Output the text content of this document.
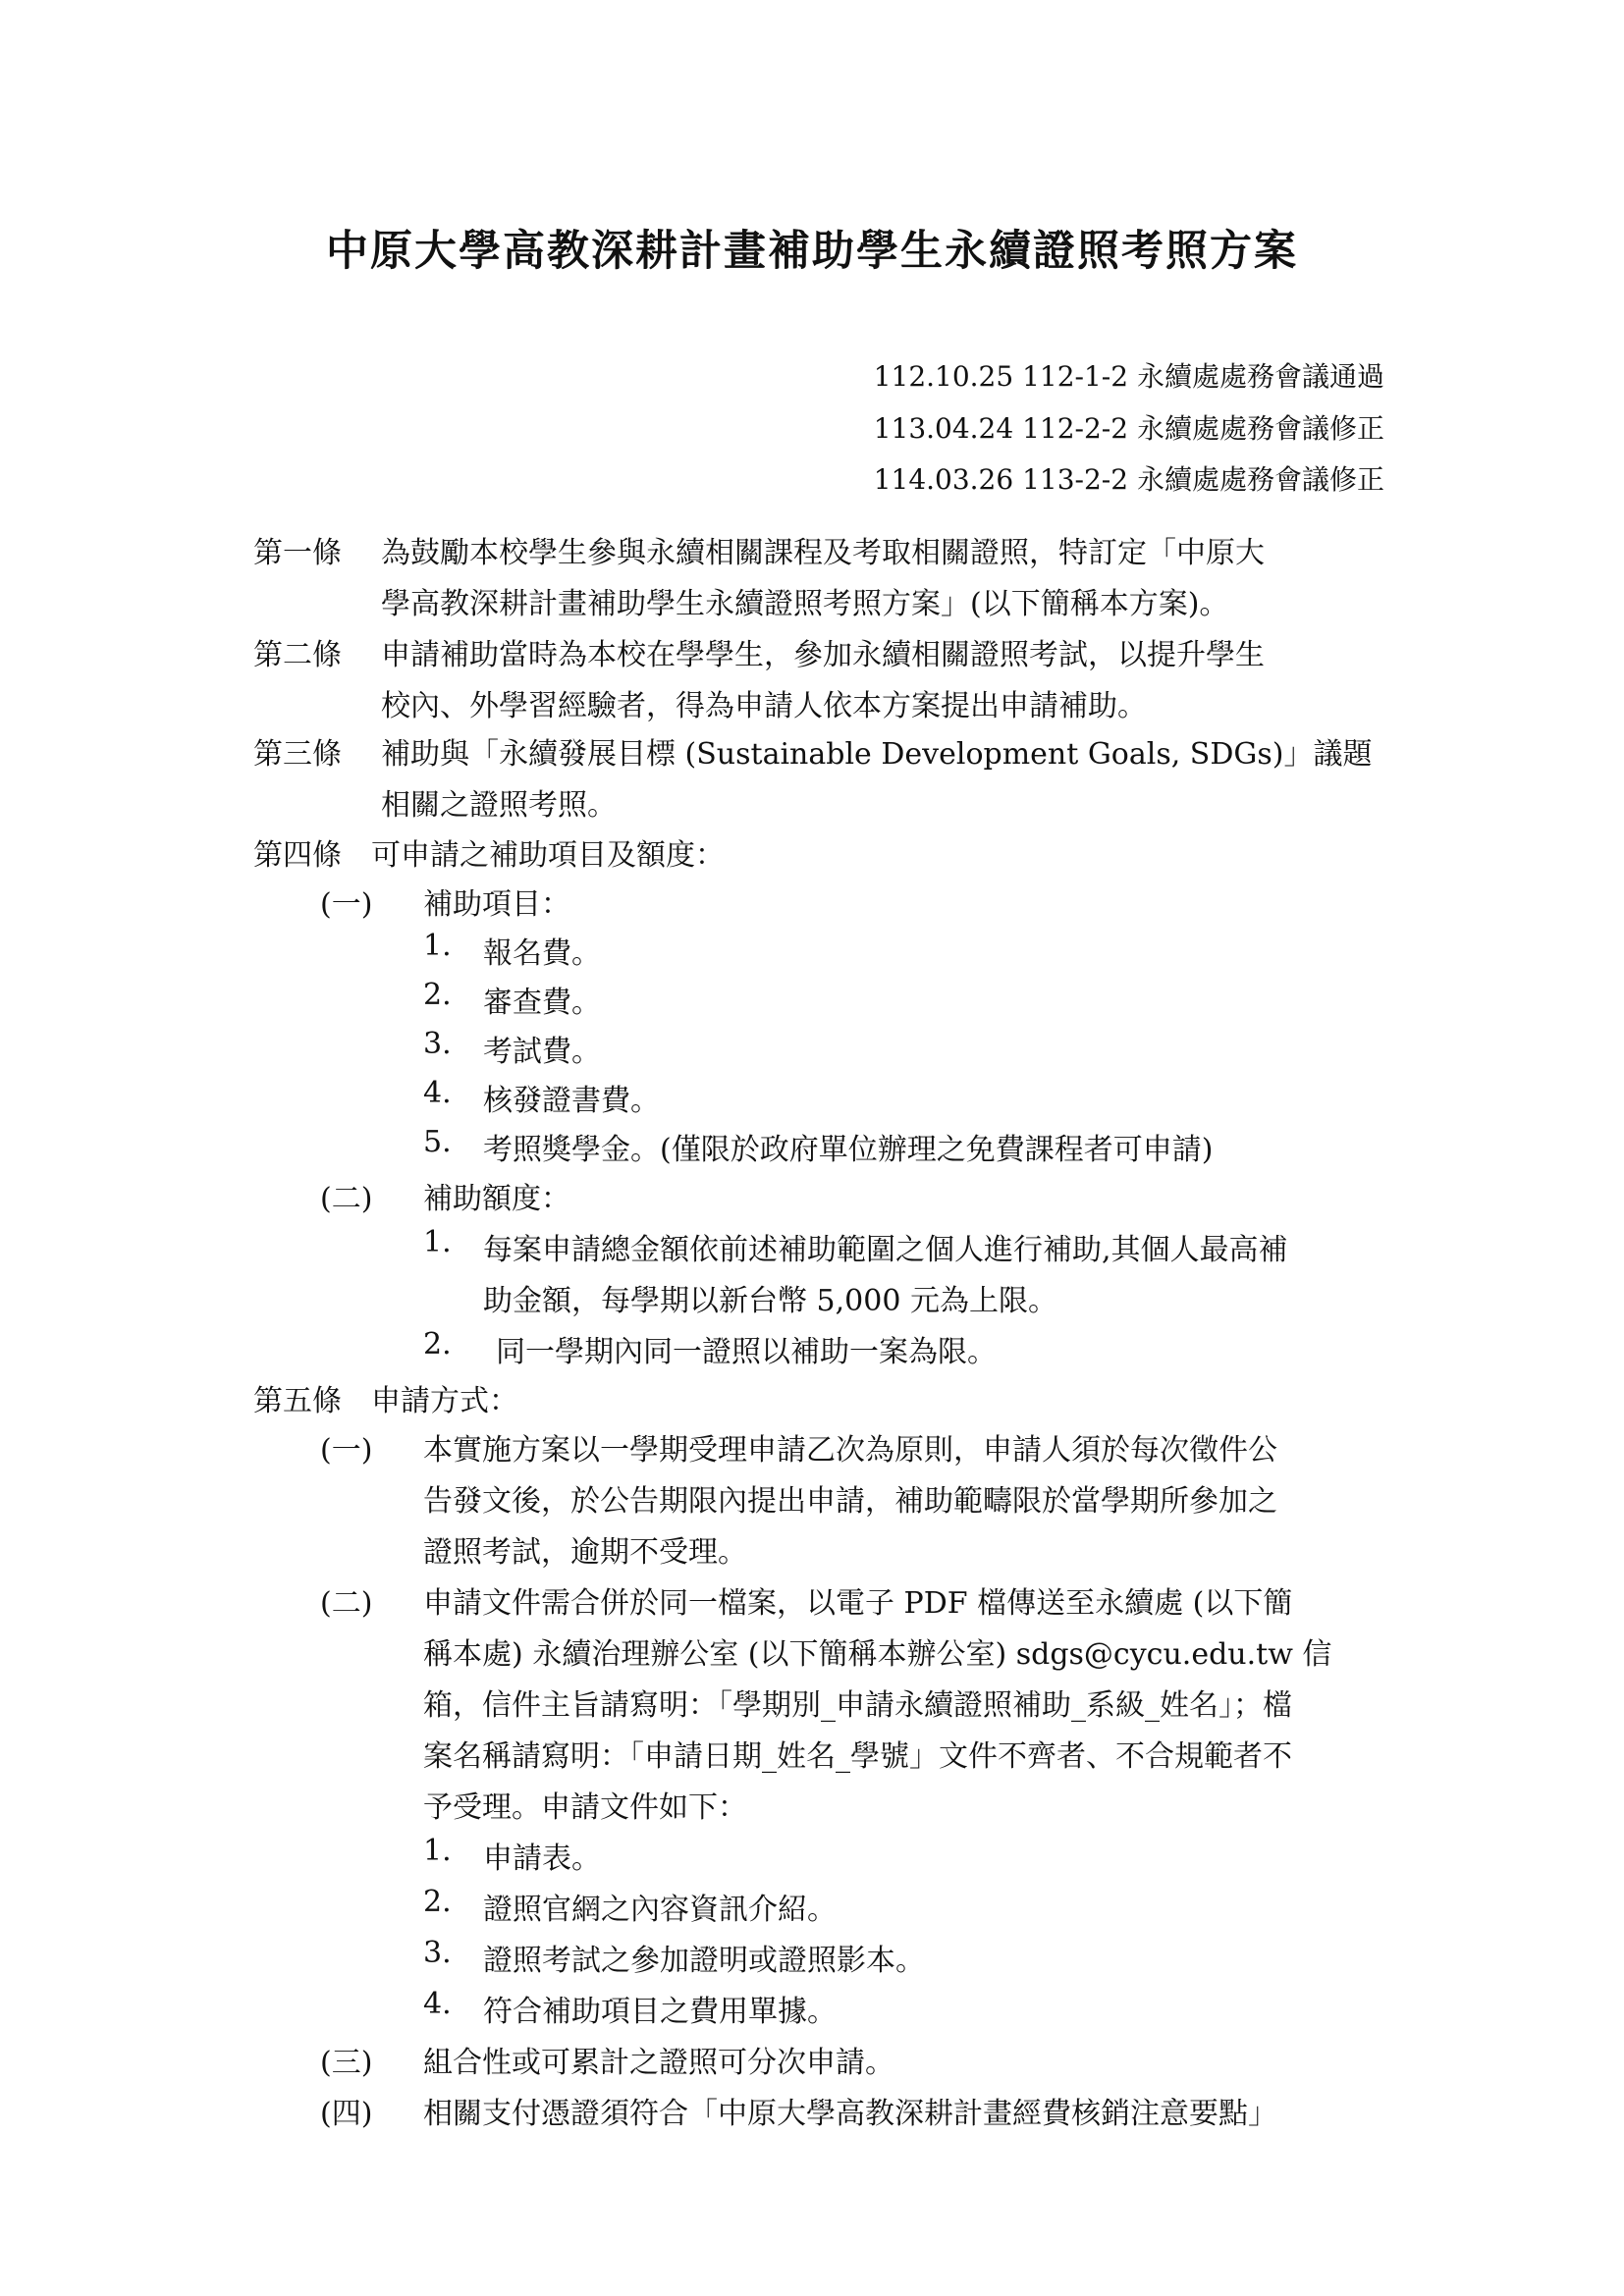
中原大學高教深耕計畫補助學生永續證照考照方案
112.10.25 112-1-2 永續處處務會議通過
113.04.24 112-2-2 永續處處務會議修正
114.03.26 113-2-2 永續處處務會議修正
第一條 為鼓勵本校學生參與永續相關課程及考取相關證照，特訂定「中原大
學高教深耕計畫補助學生永續證照考照方案」(以下簡稱本方案)。
第二條 申請補助當時為本校在學學生，參加永續相關證照考試，以提升學生
校內、外學習經驗者，得為申請人依本方案提出申請補助。
第三條 補助與「永續發展目標 (Sustainable Development Goals, SDGs)」議題
相關之證照考照。
第四條 可申請之補助項目及額度：
(一) 補助項目：
1. 報名費。
2. 審查費。
3. 考試費。
4. 核發證書費。
5. 考照獎學金。(僅限於政府單位辦理之免費課程者可申請)
(二) 補助額度：
1. 每案申請總金額依前述補助範圍之個人進行補助,其個人最高補
助金額，每學期以新台幣 5,000 元為上限。
2. 同一學期內同一證照以補助一案為限。
第五條 申請方式：
(一) 本實施方案以一學期受理申請乙次為原則，申請人須於每次徵件公
告發文後，於公告期限內提出申請，補助範疇限於當學期所參加之
證照考試，逾期不受理。
(二) 申請文件需合併於同一檔案，以電子 PDF 檔傳送至永續處 (以下簡
稱本處) 永續治理辦公室 (以下簡稱本辦公室) sdgs@cycu.edu.tw 信
箱，信件主旨請寫明：「學期別_申請永續證照補助_系級_姓名」；檔
案名稱請寫明：「申請日期_姓名_學號」文件不齊者、不合規範者不
予受理。申請文件如下：
1. 申請表。
2. 證照官網之內容資訊介紹。
3. 證照考試之參加證明或證照影本。
4. 符合補助項目之費用單據。
(三) 組合性或可累計之證照可分次申請。
(四) 相關支付憑證須符合「中原大學高教深耕計畫經費核銷注意要點」
